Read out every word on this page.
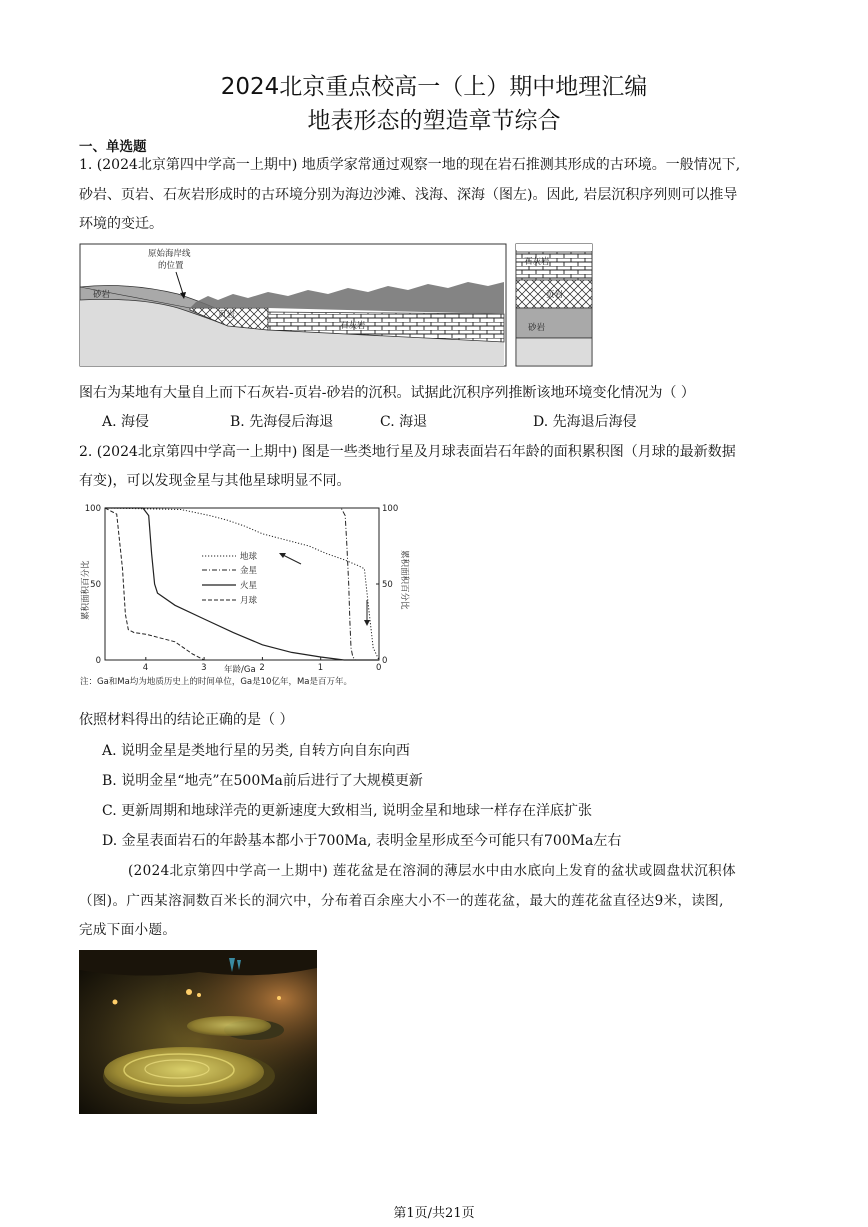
2024北京重点校高一（上）期中地理汇编
地表形态的塑造章节综合
一、单选题
1. (2024北京第四中学高一上期中) 地质学家常通过观察一地的现在岩石推测其形成的古环境。一般情况下,
砂岩、页岩、石灰岩形成时的古环境分别为海边沙滩、浅海、深海（图左)。因此, 岩层沉积序列则可以推导
环境的变迁。
原始海岸线
的位置
砂岩
页岩
石灰岩
石灰岩
页岩
砂岩
图右为某地有大量自上而下石灰岩-页岩-砂岩的沉积。试据此沉积序列推断该地环境变化情况为（ ）
A. 海侵	B. 先海侵后海退	C. 海退	D. 先海退后海侵
2. (2024北京第四中学高一上期中) 图是一些类地行星及月球表面岩石年龄的面积累积图（月球的最新数据
有变)，可以发现金星与其他星球明显不同。
4	3	2	1	0
100
50
0
100
50
0
地球
金星
火星
月球
累积面积百分比	累积面积百分比
年龄/Ga
注：Ga和Ma均为地质历史上的时间单位，Ga是10亿年，Ma是百万年。
依照材料得出的结论正确的是（ ）
A. 说明金星是类地行星的另类, 自转方向自东向西
B. 说明金星“地壳”在500Ma前后进行了大规模更新
C. 更新周期和地球洋壳的更新速度大致相当, 说明金星和地球一样存在洋底扩张
D. 金星表面岩石的年龄基本都小于700Ma, 表明金星形成至今可能只有700Ma左右
(2024北京第四中学高一上期中) 莲花盆是在溶洞的薄层水中由水底向上发育的盆状或圆盘状沉积体
（图)。广西某溶洞数百米长的洞穴中，分布着百余座大小不一的莲花盆，最大的莲花盆直径达9米，读图,
完成下面小题。
第1页/共21页
